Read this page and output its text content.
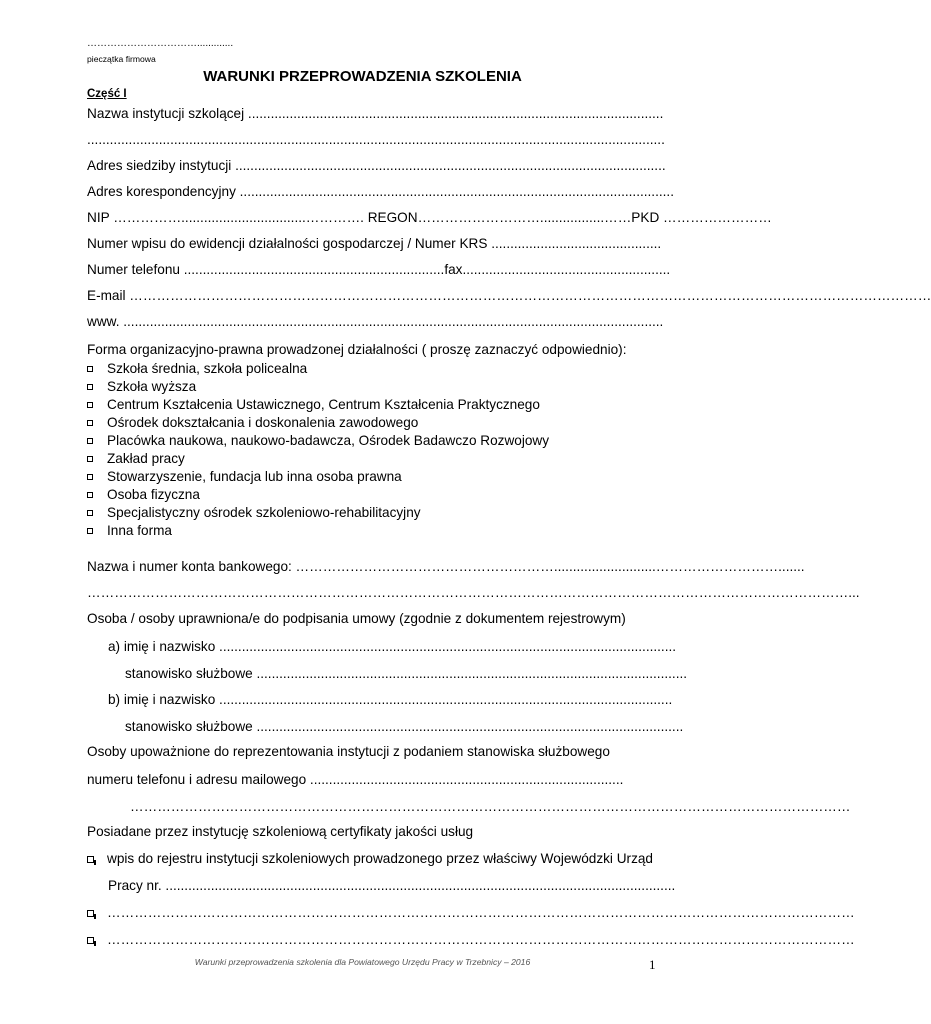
…………………………….............
pieczątka firmowa
WARUNKI PRZEPROWADZENIA SZKOLENIA
Część I
Nazwa instytucji szkolącej ..............................................................................................................
.........................................................................................................................................................
Adres siedziby instytucji ..................................................................................................................
Adres korespondencyjny ...................................................................................................................
NIP …………….................................…………. REGON……………………….................……PKD ……………………
Numer wpisu do ewidencji działalności gospodarczej / Numer KRS .............................................
Numer telefonu .....................................................................fax.......................................................
E-mail ……………………………………………………………………………………………………………………………………………………………
www. ...............................................................................................................................................
Forma organizacyjno-prawna prowadzonej działalności ( proszę zaznaczyć odpowiednio):
Szkoła średnia, szkoła policealna
Szkoła wyższa
Centrum Kształcenia Ustawicznego, Centrum Kształcenia Praktycznego
Ośrodek dokształcania i doskonalenia zawodowego
Placówka naukowa, naukowo-badawcza, Ośrodek Badawczo Rozwojowy
Zakład pracy
Stowarzyszenie, fundacja lub inna osoba prawna
Osoba fizyczna
Specjalistyczny ośrodek szkoleniowo-rehabilitacyjny
Inna forma
Nazwa i numer konta bankowego: …………………………………………………...........................……………………….......
……………………………………………………………………………………………………………………………………………………...
Osoba / osoby uprawniona/e do podpisania umowy (zgodnie z dokumentem rejestrowym)
a) imię i nazwisko .........................................................................................................................
stanowisko służbowe ..................................................................................................................
b) imię i nazwisko ........................................................................................................................
stanowisko służbowe .................................................................................................................
Osoby upoważnione do reprezentowania instytucji z podaniem stanowiska służbowego
numeru telefonu i adresu mailowego ...................................................................................
……………………………………………………………………………………………………………………………………………
Posiadane przez instytucję szkoleniową certyfikaty jakości usług
wpis do rejestru instytucji szkoleniowych prowadzonego przez właściwy Wojewódzki Urząd
Pracy nr. .......................................................................................................................................
…………………………………………………………………………………………………………………………………………………
…………………………………………………………………………………………………………………………………………………
Warunki przeprowadzenia szkolenia dla Powiatowego Urzędu Pracy w Trzebnicy – 2016	1
